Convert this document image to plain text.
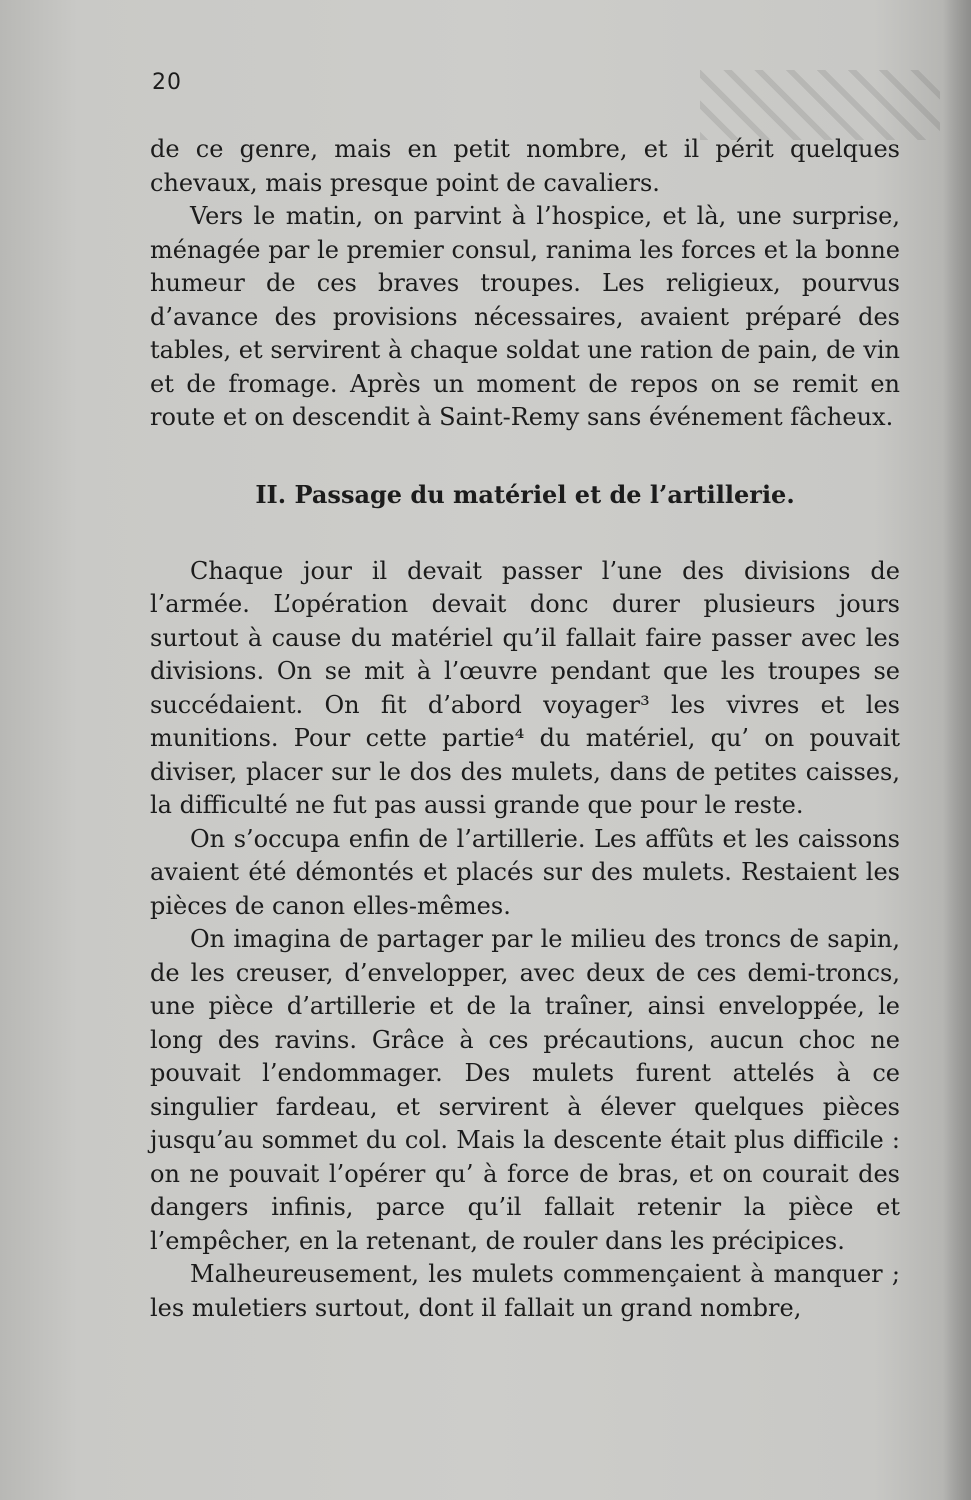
20

de ce genre, mais en petit nombre, et il périt quelques chevaux, mais presque point de cavaliers.

Vers le matin, on parvint à l’hospice, et là, une surprise, ménagée par le premier consul, ranima les forces et la bonne humeur de ces braves troupes. Les religieux, pourvus d’avance des provisions nécessaires, avaient préparé des tables, et servirent à chaque soldat une ration de pain, de vin et de fromage. Après un moment de repos on se remit en route et on descendit à Saint-Remy sans événement fâcheux.

II. Passage du matériel et de l’artillerie.

Chaque jour il devait passer l’une des divisions de l’armée. L’opération devait donc durer plusieurs jours surtout à cause du matériel qu’il fallait faire passer avec les divisions. On se mit à l’œuvre pendant que les troupes se succédaient. On fit d’abord voyager³ les vivres et les munitions. Pour cette partie⁴ du matériel, qu’ on pouvait diviser, placer sur le dos des mulets, dans de petites caisses, la difficulté ne fut pas aussi grande que pour le reste.

On s’occupa enfin de l’artillerie. Les affûts et les caissons avaient été démontés et placés sur des mulets. Restaient les pièces de canon elles-mêmes.

On imagina de partager par le milieu des troncs de sapin, de les creuser, d’envelopper, avec deux de ces demi-troncs, une pièce d’artillerie et de la traîner, ainsi enveloppée, le long des ravins. Grâce à ces précautions, aucun choc ne pouvait l’endommager. Des mulets furent attelés à ce singulier fardeau, et servirent à élever quelques pièces jusqu’au sommet du col. Mais la descente était plus difficile : on ne pouvait l’opérer qu’ à force de bras, et on courait des dangers infinis, parce qu’il fallait retenir la pièce et l’empêcher, en la retenant, de rouler dans les précipices.

Malheureusement, les mulets commençaient à manquer ; les muletiers surtout, dont il fallait un grand nombre,
